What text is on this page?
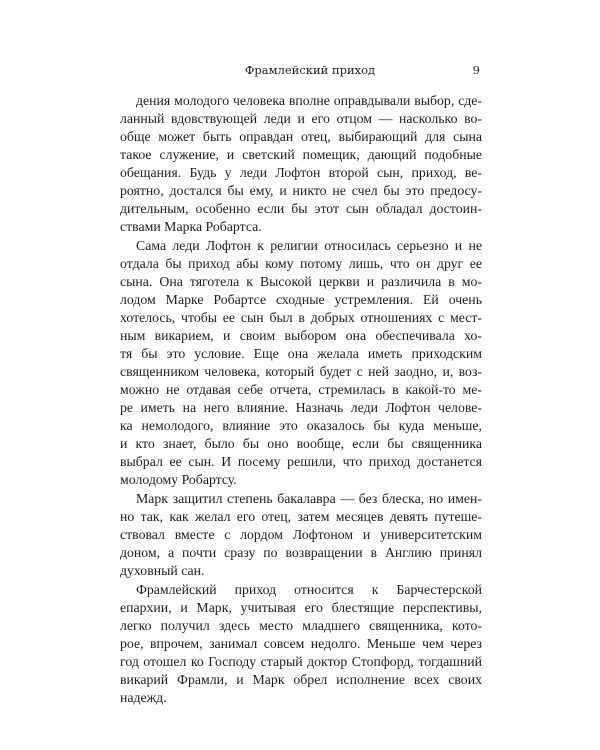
Фрамлейский приход	9
дения молодого человека вполне оправдывали выбор, сде-
ланный вдовствующей леди и его отцом — насколько во-
обще может быть оправдан отец, выбирающий для сына
такое служение, и светский помещик, дающий подобные
обещания. Будь у леди Лофтон второй сын, приход, ве-
роятно, достался бы ему, и никто не счел бы это предосу-
дительным, особенно если бы этот сын обладал достоин-
ствами Марка Робартса.
Сама леди Лофтон к религии относилась серьезно и не
отдала бы приход абы кому потому лишь, что он друг ее
сына. Она тяготела к Высокой церкви и различила в мо-
лодом Марке Робартсе сходные устремления. Ей очень
хотелось, чтобы ее сын был в добрых отношениях с мест-
ным викарием, и своим выбором она обеспечивала хо-
тя бы это условие. Еще она желала иметь приходским
священником человека, который будет с ней заодно, и, воз-
можно не отдавая себе отчета, стремилась в какой-то ме-
ре иметь на него влияние. Назначь леди Лофтон челове-
ка немолодого, влияние это оказалось бы куда меньше,
и кто знает, было бы оно вообще, если бы священника
выбрал ее сын. И посему решили, что приход достанется
молодому Робартсу.
Марк защитил степень бакалавра — без блеска, но имен-
но так, как желал его отец, затем месяцев девять путеше-
ствовал вместе с лордом Лофтоном и университетским
доном, а почти сразу по возвращении в Англию принял
духовный сан.
Фрамлейский приход относится к Барчестерской
епархии, и Марк, учитывая его блестящие перспективы,
легко получил здесь место младшего священника, кото-
рое, впрочем, занимал совсем недолго. Меньше чем через
год отошел ко Господу старый доктор Стопфорд, тогдашний
викарий Фрамли, и Марк обрел исполнение всех своих
надежд.
